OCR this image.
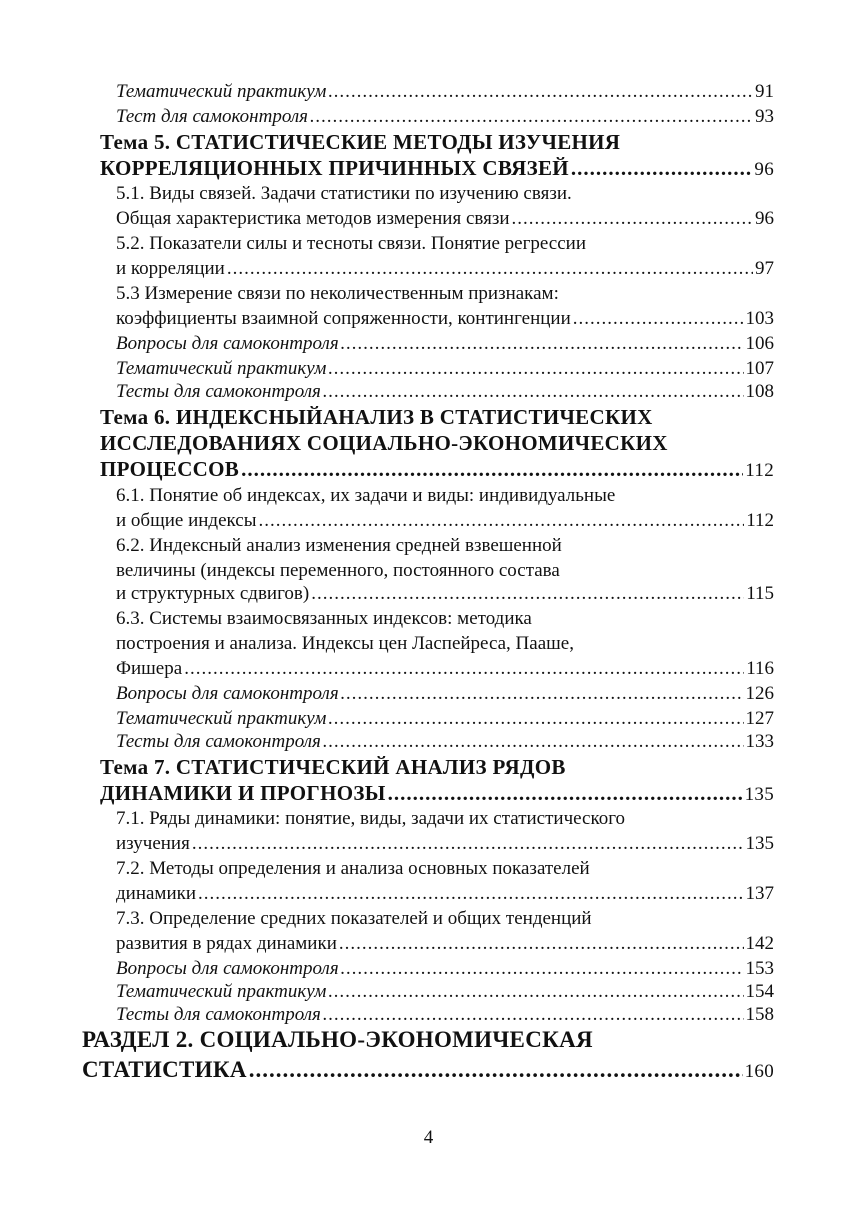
Тематический практикум .....	91
Тест для самоконтроля .....	93
Тема 5. СТАТИСТИЧЕСКИЕ МЕТОДЫ ИЗУЧЕНИЯ
КОРРЕЛЯЦИОННЫХ ПРИЧИННЫХ СВЯЗЕЙ .....	96
5.1. Виды связей. Задачи статистики по изучению связи.
Общая характеристика методов измерения связи .....	96
5.2. Показатели силы и тесноты связи. Понятие регрессии
и корреляции .....	97
5.3 Измерение связи по неколичественным признакам:
коэффициенты взаимной сопряженности, контингенции .....	103
Вопросы для самоконтроля .....	106
Тематический практикум .....	107
Тесты для самоконтроля .....	108
Тема 6. ИНДЕКСНЫЙАНАЛИЗ В СТАТИСТИЧЕСКИХ
ИССЛЕДОВАНИЯХ СОЦИАЛЬНО-ЭКОНОМИЧЕСКИХ
ПРОЦЕССОВ .....	112
6.1. Понятие об индексах, их задачи и виды: индивидуальные
и общие индексы .....	112
6.2. Индексный анализ изменения средней взвешенной
величины (индексы переменного, постоянного состава
и структурных сдвигов) .....	115
6.3. Системы взаимосвязанных индексов: методика
построения и анализа. Индексы цен Ласпейреса, Пааше,
Фишера .....	116
Вопросы для самоконтроля .....	126
Тематический практикум .....	127
Тесты для самоконтроля .....	133
Тема 7. СТАТИСТИЧЕСКИЙ АНАЛИЗ РЯДОВ
ДИНАМИКИ И ПРОГНОЗЫ .....	135
7.1. Ряды динамики: понятие, виды, задачи их статистического
изучения .....	135
7.2. Методы определения и анализа основных показателей
динамики .....	137
7.3. Определение средних показателей и общих тенденций
развития в рядах динамики .....	142
Вопросы для самоконтроля .....	153
Тематический практикум .....	154
Тесты для самоконтроля .....	158
РАЗДЕЛ 2. СОЦИАЛЬНО-ЭКОНОМИЧЕСКАЯ
СТАТИСТИКА .....	160
4
